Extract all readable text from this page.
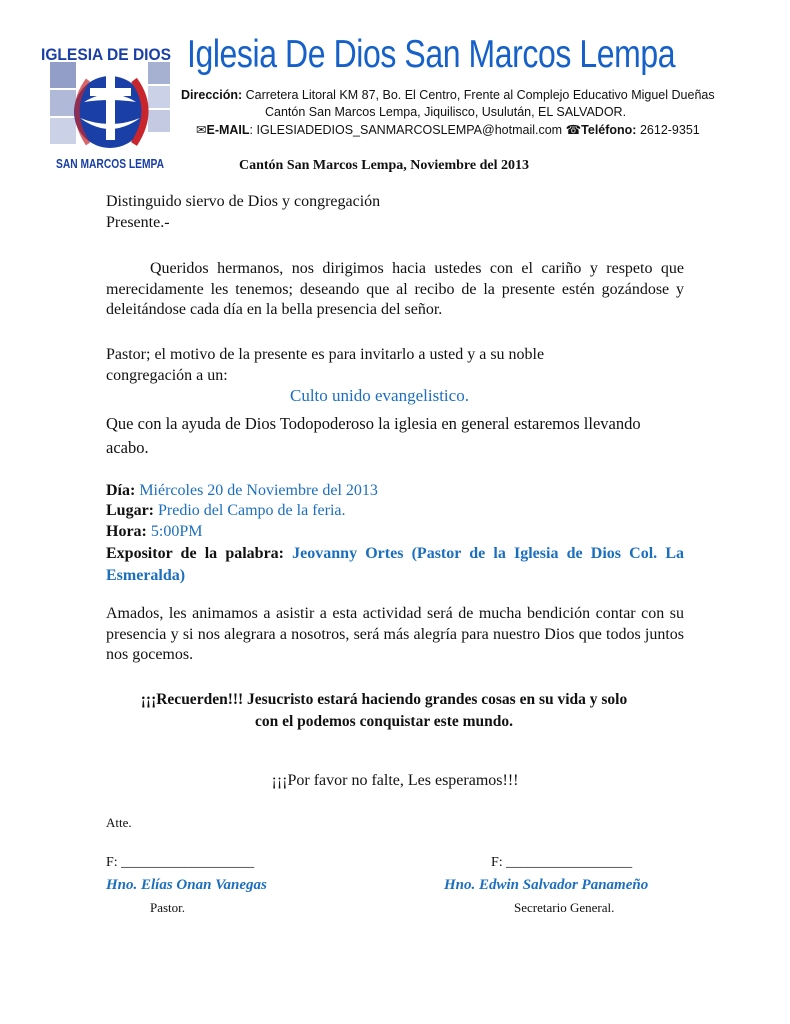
IGLESIA DE DIOS
SAN MARCOS LEMPA
Iglesia De Dios San Marcos Lempa
Dirección: Carretera Litoral KM 87, Bo. El Centro, Frente al Complejo Educativo Miguel Dueñas
Cantón San Marcos Lempa, Jiquilisco, Usulután, EL SALVADOR.
✉E-MAIL: IGLESIADEDIOS_SANMARCOSLEMPA@hotmail.com ☎Teléfono: 2612-9351
Cantón San Marcos Lempa, Noviembre del 2013
Distinguido siervo de Dios y congregación
Presente.-
Queridos hermanos, nos dirigimos hacia ustedes con el cariño y respeto que merecidamente les tenemos; deseando que al recibo de la presente estén gozándose y deleitándose cada día en la bella presencia del señor.
Pastor; el motivo de la presente es para invitarlo a usted y a su noble congregación a un:
Culto unido evangelistico.
Que con la ayuda de Dios Todopoderoso la iglesia en general estaremos llevando acabo.
Día: Miércoles 20 de Noviembre del 2013
Lugar: Predio del Campo de la feria.
Hora: 5:00PM
Expositor de la palabra: Jeovanny Ortes (Pastor de la Iglesia de Dios Col. La Esmeralda)
Amados, les animamos a asistir a esta actividad será de mucha bendición contar con su presencia y si nos alegrara a nosotros, será más alegría para nuestro Dios que todos juntos nos gocemos.
¡¡¡Recuerden!!! Jesucristo estará haciendo grandes cosas en su vida y solo
con el podemos conquistar este mundo.
¡¡¡Por favor no falte, Les esperamos!!!
Atte.
F: ___________________
Hno. Elías Onan Vanegas
Pastor.
F: __________________
Hno. Edwin Salvador Panameño
Secretario General.
